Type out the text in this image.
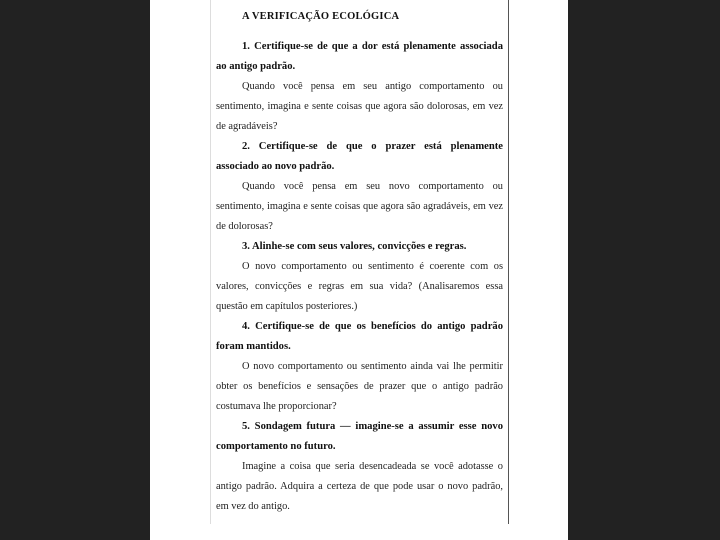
A VERIFICAÇÃO ECOLÓGICA

1. Certifique-se de que a dor está plenamente associada ao antigo padrão.

Quando você pensa em seu antigo comportamento ou sentimento, imagina e sente coisas que agora são dolorosas, em vez de agradáveis?

2. Certifique-se de que o prazer está plenamente associado ao novo padrão.

Quando você pensa em seu novo comportamento ou sentimento, imagina e sente coisas que agora são agradáveis, em vez de dolorosas?

3. Alinhe-se com seus valores, convicções e regras.

O novo comportamento ou sentimento é coerente com os valores, convicções e regras em sua vida? (Analisaremos essa questão em capítulos posteriores.)

4. Certifique-se de que os benefícios do antigo padrão foram mantidos.

O novo comportamento ou sentimento ainda vai lhe permitir obter os benefícios e sensações de prazer que o antigo padrão costumava lhe proporcionar?

5. Sondagem futura — imagine-se a assumir esse novo comportamento no futuro.

Imagine a coisa que seria desencadeada se você adotasse o antigo padrão. Adquira a certeza de que pode usar o novo padrão, em vez do antigo.
